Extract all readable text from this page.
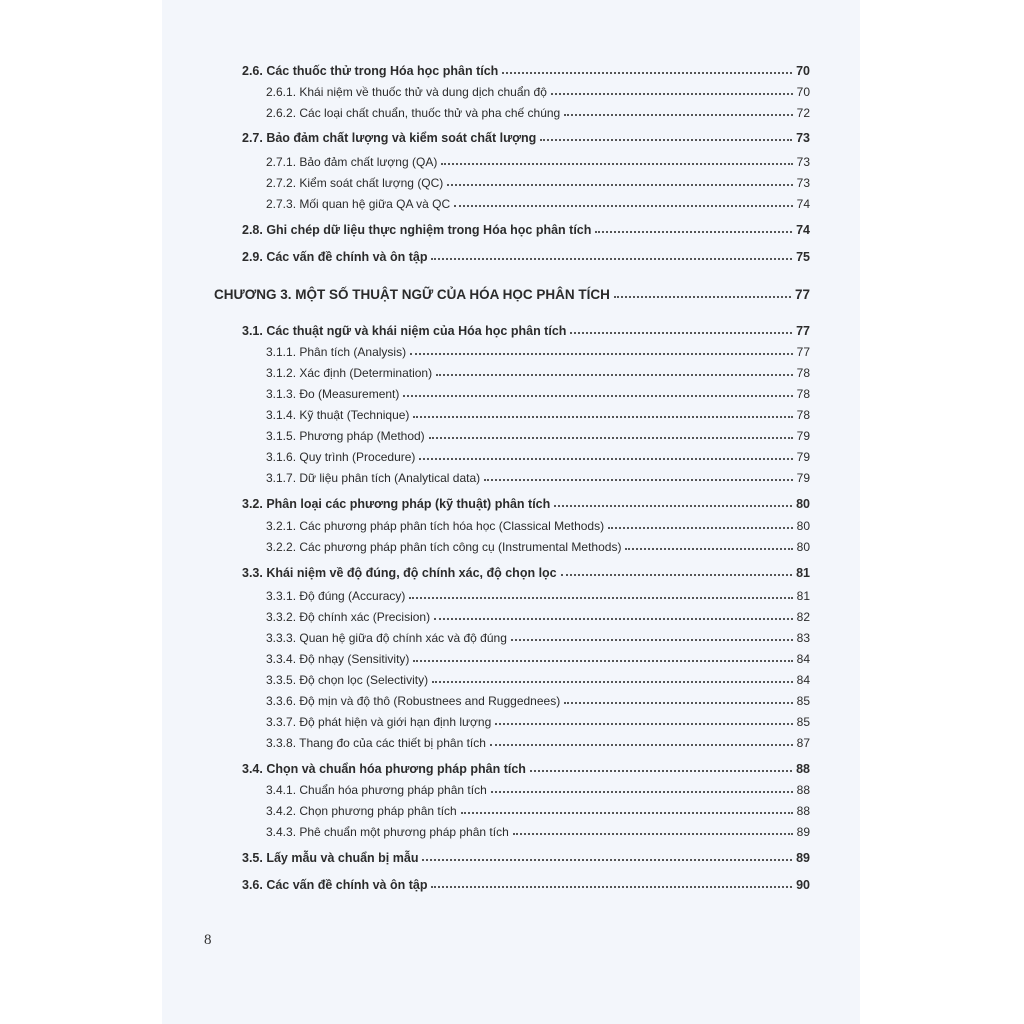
2.6. Các thuốc thử trong Hóa học phân tích	70
2.6.1. Khái niệm về thuốc thử và dung dịch chuẩn độ	70
2.6.2. Các loại chất chuẩn, thuốc thử và pha chế chúng	72
2.7. Bảo đảm chất lượng và kiểm soát chất lượng	73
2.7.1. Bảo đảm chất lượng (QA)	73
2.7.2. Kiểm soát chất lượng (QC)	73
2.7.3. Mối quan hệ giữa QA và QC	74
2.8. Ghi chép dữ liệu thực nghiệm trong Hóa học phân tích	74
2.9. Các vấn đề chính và ôn tập	75
CHƯƠNG 3. MỘT SỐ THUẬT NGỮ CỦA HÓA HỌC PHÂN TÍCH	77
3.1. Các thuật ngữ và khái niệm của Hóa học phân tích	77
3.1.1. Phân tích (Analysis)	77
3.1.2. Xác định (Determination)	78
3.1.3. Đo (Measurement)	78
3.1.4. Kỹ thuật (Technique)	78
3.1.5. Phương pháp (Method)	79
3.1.6. Quy trình (Procedure)	79
3.1.7. Dữ liệu phân tích (Analytical data)	79
3.2. Phân loại các phương pháp (kỹ thuật) phân tích	80
3.2.1. Các phương pháp phân tích hóa học (Classical Methods)	80
3.2.2. Các phương pháp phân tích công cụ (Instrumental Methods)	80
3.3. Khái niệm về độ đúng, độ chính xác, độ chọn lọc	81
3.3.1. Độ đúng (Accuracy)	81
3.3.2. Độ chính xác (Precision)	82
3.3.3. Quan hệ giữa độ chính xác và độ đúng	83
3.3.4. Độ nhạy (Sensitivity)	84
3.3.5. Độ chọn lọc (Selectivity)	84
3.3.6. Độ mịn và độ thô (Robustnees and Ruggednees)	85
3.3.7. Độ phát hiện và giới hạn định lượng	85
3.3.8. Thang đo của các thiết bị phân tích	87
3.4. Chọn và chuẩn hóa phương pháp phân tích	88
3.4.1. Chuẩn hóa phương pháp phân tích	88
3.4.2. Chọn phương pháp phân tích	88
3.4.3. Phê chuẩn một phương pháp phân tích	89
3.5. Lấy mẫu và chuẩn bị mẫu	89
3.6. Các vấn đề chính và ôn tập	90
8
